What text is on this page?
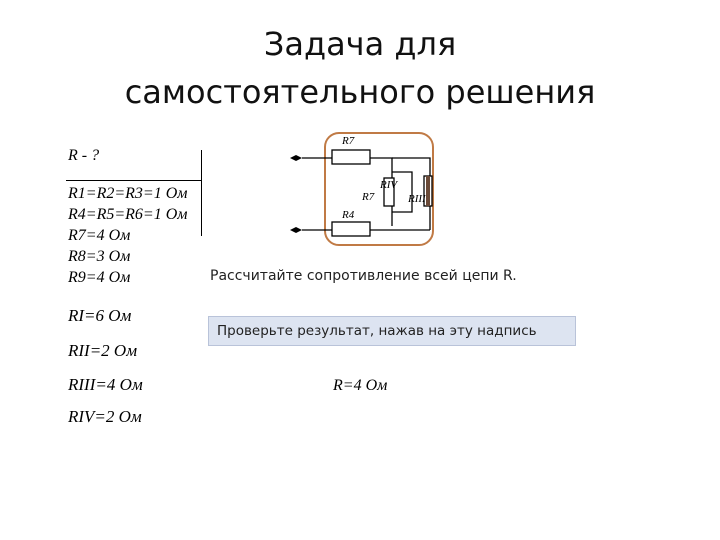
Задача для
самостоятельного решения
R - ?
R1=R2=R3=1 Ом
R4=R5=R6=1 Ом
R7=4 Ом
R8=3 Ом
R9=4 Ом
RI=6 Ом
RII=2 Ом
RIII=4 Ом
RIV=2 Ом
R7
R7
R4
RIV
RIII
Рассчитайте сопротивление всей цепи R.
Проверьте результат, нажав на эту надпись
R=4 Ом
